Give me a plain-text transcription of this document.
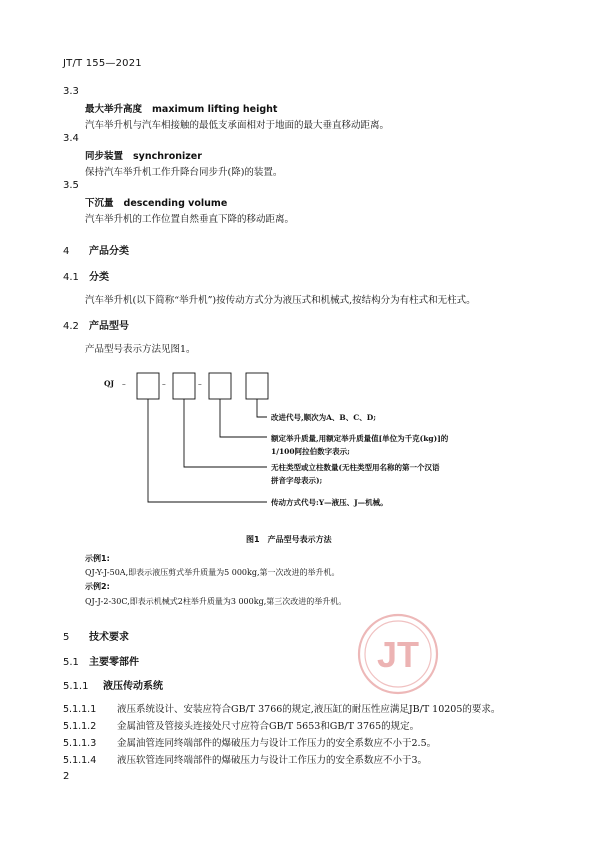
JT/T 155—2021
3.3
最大举升高度 maximum lifting height
汽车举升机与汽车相接触的最低支承面相对于地面的最大垂直移动距离。
3.4
同步装置 synchronizer
保持汽车举升机工作升降台同步升(降)的装置。
3.5
下沉量 descending volume
汽车举升机的工作位置自然垂直下降的移动距离。
4 产品分类
4.1 分类
汽车举升机(以下简称“举升机”)按传动方式分为液压式和机械式,按结构分为有柱式和无柱式。
4.2 产品型号
产品型号表示方法见图1。
QJ –	–	–
改进代号,顺次为A、B、C、D;
额定举升质量,用额定举升质量值[单位为千克(kg)]的
1/100阿拉伯数字表示;
无柱类型或立柱数量(无柱类型用名称的第一个汉语
拼音字母表示);
传动方式代号:Y—液压、J—机械。
图1　产品型号表示方法
示例1:
QJ-Y-J-50A,即表示液压剪式举升质量为5 000kg,第一次改进的举升机。
示例2:
QJ-J-2-30C,即表示机械式2柱举升质量为3 000kg,第三次改进的举升机。
JT
5 技术要求
5.1 主要零部件
5.1.1 液压传动系统
5.1.1.1 液压系统设计、安装应符合GB/T 3766的规定,液压缸的耐压性应满足JB/T 10205的要求。
5.1.1.2 金属油管及管接头连接处尺寸应符合GB/T 5653和GB/T 3765的规定。
5.1.1.3 金属油管连同终端部件的爆破压力与设计工作压力的安全系数应不小于2.5。
5.1.1.4 液压软管连同终端部件的爆破压力与设计工作压力的安全系数应不小于3。
2
